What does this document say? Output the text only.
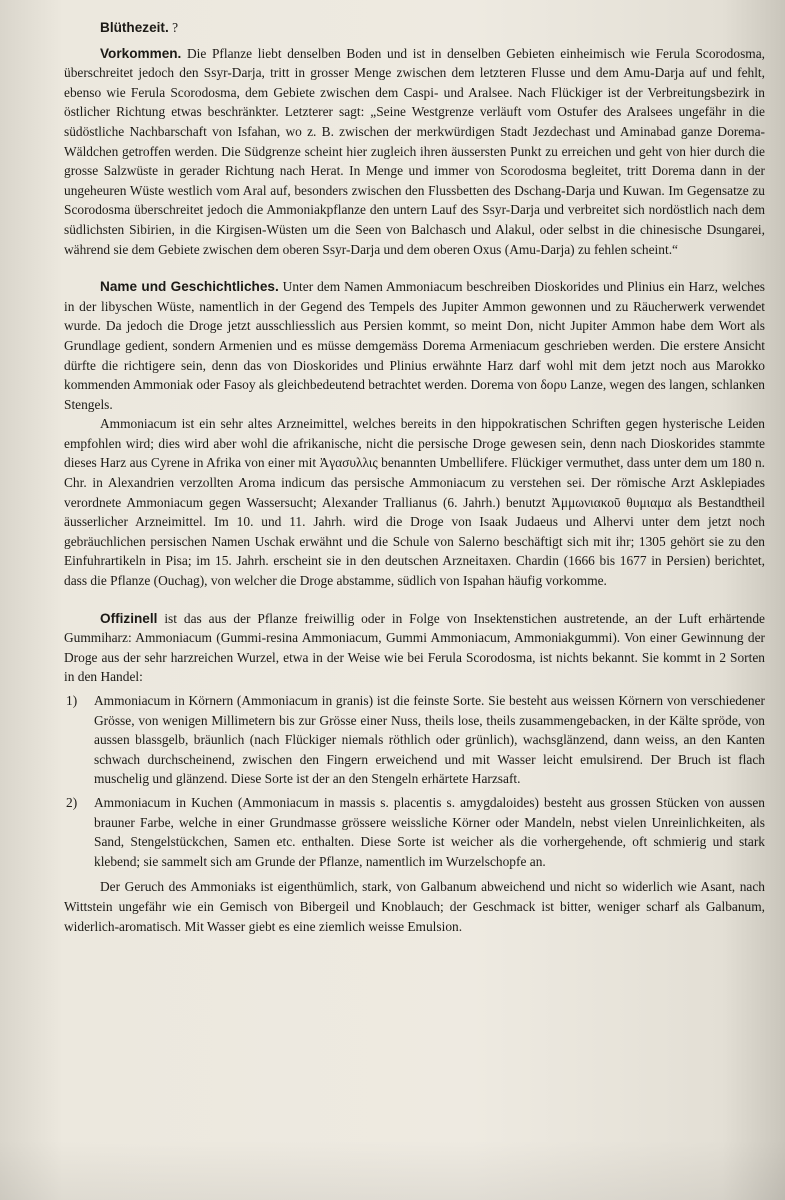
Blüthezeit. ?

Vorkommen. Die Pflanze liebt denselben Boden und ist in denselben Gebieten einheimisch wie Ferula Scorodosma, überschreitet jedoch den Ssyr-Darja, tritt in grosser Menge zwischen dem letzteren Flusse und dem Amu-Darja auf und fehlt, ebenso wie Ferula Scorodosma, dem Gebiete zwischen dem Caspi- und Aralsee. Nach Flückiger ist der Verbreitungsbezirk in östlicher Richtung etwas beschränkter. Letzterer sagt: „Seine Westgrenze verläuft vom Ostufer des Aralsees ungefähr in die südöstliche Nachbarschaft von Isfahan, wo z. B. zwischen der merkwürdigen Stadt Jezdechast und Aminabad ganze Dorema-Wäldchen getroffen werden. Die Südgrenze scheint hier zugleich ihren äussersten Punkt zu erreichen und geht von hier durch die grosse Salzwüste in gerader Richtung nach Herat. In Menge und immer von Scorodosma begleitet, tritt Dorema dann in der ungeheuren Wüste westlich vom Aral auf, besonders zwischen den Flussbetten des Dschang-Darja und Kuwan. Im Gegensatze zu Scorodosma überschreitet jedoch die Ammoniakpflanze den untern Lauf des Ssyr-Darja und verbreitet sich nordöstlich nach dem südlichsten Sibirien, in die Kirgisen-Wüsten um die Seen von Balchasch und Alakul, oder selbst in die chinesische Dsungarei, während sie dem Gebiete zwischen dem oberen Ssyr-Darja und dem oberen Oxus (Amu-Darja) zu fehlen scheint.“

Name und Geschichtliches. Unter dem Namen Ammoniacum beschreiben Dioskorides und Plinius ein Harz, welches in der libyschen Wüste, namentlich in der Gegend des Tempels des Jupiter Ammon gewonnen und zu Räucherwerk verwendet wurde. Da jedoch die Droge jetzt ausschliesslich aus Persien kommt, so meint Don, nicht Jupiter Ammon habe dem Wort als Grundlage gedient, sondern Armenien und es müsse demgemäss Dorema Armeniacum geschrieben werden. Die erstere Ansicht dürfte die richtigere sein, denn das von Dioskorides und Plinius erwähnte Harz darf wohl mit dem jetzt noch aus Marokko kommenden Ammoniak oder Fasoy als gleichbedeutend betrachtet werden. Dorema von δορυ Lanze, wegen des langen, schlanken Stengels.

Ammoniacum ist ein sehr altes Arzneimittel, welches bereits in den hippokratischen Schriften gegen hysterische Leiden empfohlen wird; dies wird aber wohl die afrikanische, nicht die persische Droge gewesen sein, denn nach Dioskorides stammte dieses Harz aus Cyrene in Afrika von einer mit Ἀγασυλλις benannten Umbellifere. Flückiger vermuthet, dass unter dem um 180 n. Chr. in Alexandrien verzollten Aroma indicum das persische Ammoniacum zu verstehen sei. Der römische Arzt Asklepiades verordnete Ammoniacum gegen Wassersucht; Alexander Trallianus (6. Jahrh.) benutzt Ἀμμωνιακοῦ θυμιαμα als Bestandtheil äusserlicher Arzneimittel. Im 10. und 11. Jahrh. wird die Droge von Isaak Judaeus und Alhervi unter dem jetzt noch gebräuchlichen persischen Namen Uschak erwähnt und die Schule von Salerno beschäftigt sich mit ihr; 1305 gehört sie zu den Einfuhrartikeln in Pisa; im 15. Jahrh. erscheint sie in den deutschen Arzneitaxen. Chardin (1666 bis 1677 in Persien) berichtet, dass die Pflanze (Ouchag), von welcher die Droge abstamme, südlich von Ispahan häufig vorkomme.

Offizinell ist das aus der Pflanze freiwillig oder in Folge von Insektenstichen austretende, an der Luft erhärtende Gummiharz: Ammoniacum (Gummi-resina Ammoniacum, Gummi Ammoniacum, Ammoniakgummi). Von einer Gewinnung der Droge aus der sehr harzreichen Wurzel, etwa in der Weise wie bei Ferula Scorodosma, ist nichts bekannt. Sie kommt in 2 Sorten in den Handel:

1) Ammoniacum in Körnern (Ammoniacum in granis) ist die feinste Sorte. Sie besteht aus weissen Körnern von verschiedener Grösse, von wenigen Millimetern bis zur Grösse einer Nuss, theils lose, theils zusammengebacken, in der Kälte spröde, von aussen blassgelb, bräunlich (nach Flückiger niemals röthlich oder grünlich), wachsglänzend, dann weiss, an den Kanten schwach durchscheinend, zwischen den Fingern erweichend und mit Wasser leicht emulsirend. Der Bruch ist flach muschelig und glänzend. Diese Sorte ist der an den Stengeln erhärtete Harzsaft.

2) Ammoniacum in Kuchen (Ammoniacum in massis s. placentis s. amygdaloides) besteht aus grossen Stücken von aussen brauner Farbe, welche in einer Grundmasse grössere weissliche Körner oder Mandeln, nebst vielen Unreinlichkeiten, als Sand, Stengelstückchen, Samen etc. enthalten. Diese Sorte ist weicher als die vorhergehende, oft schmierig und stark klebend; sie sammelt sich am Grunde der Pflanze, namentlich im Wurzelschopfe an.

Der Geruch des Ammoniaks ist eigenthümlich, stark, von Galbanum abweichend und nicht so widerlich wie Asant, nach Wittstein ungefähr wie ein Gemisch von Bibergeil und Knoblauch; der Geschmack ist bitter, weniger scharf als Galbanum, widerlich-aromatisch. Mit Wasser giebt es eine ziemlich weisse Emulsion.
